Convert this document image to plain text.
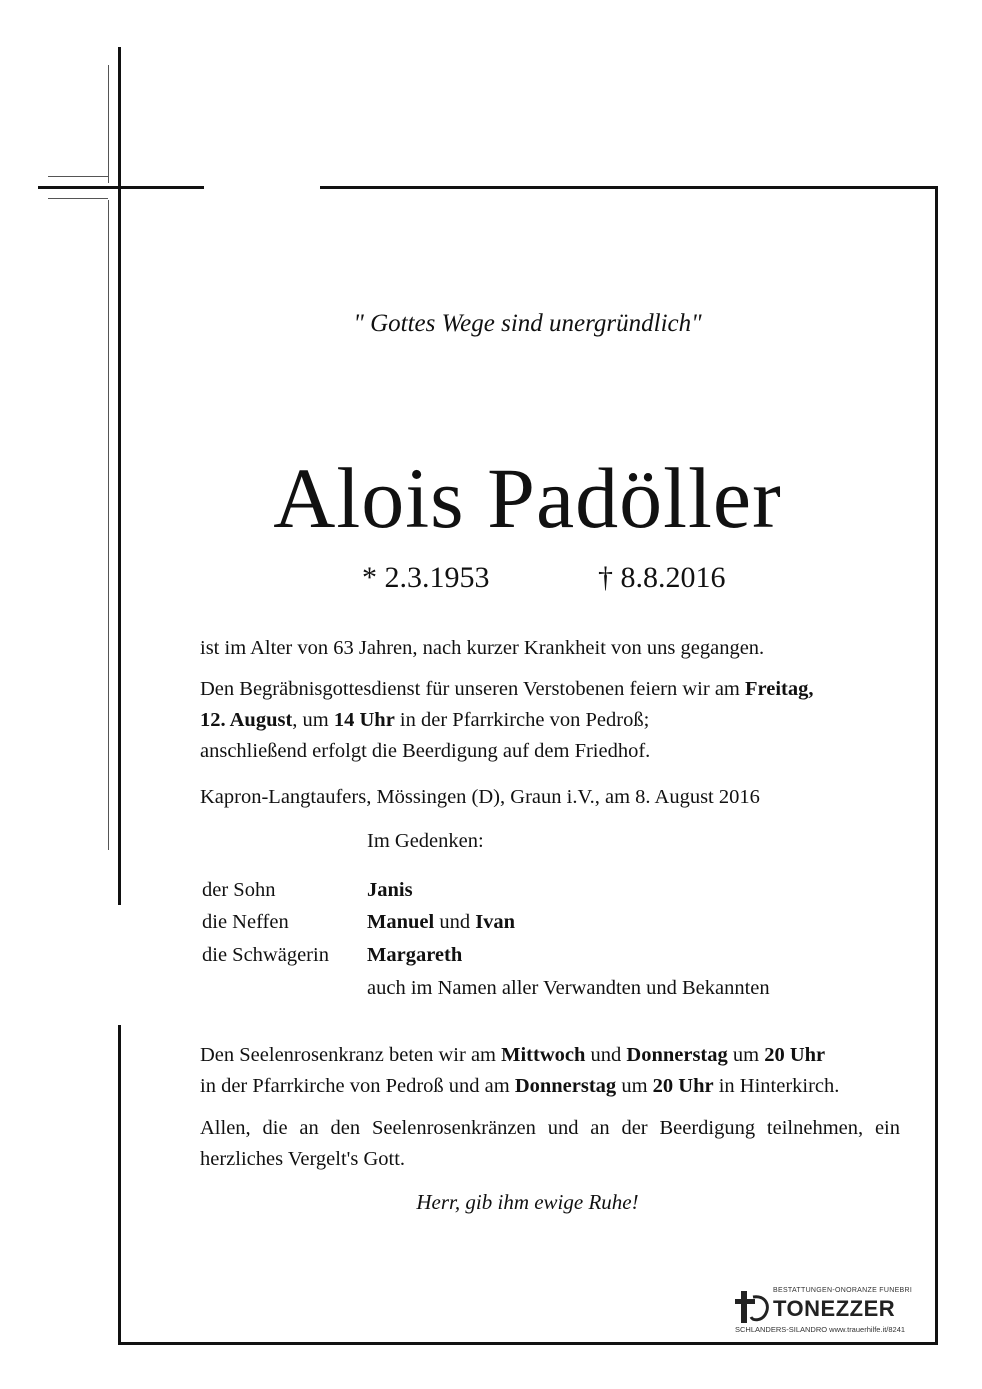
" Gottes Wege sind unergründlich"
Alois Padöller
* 2.3.1953	† 8.8.2016
ist im Alter von 63 Jahren, nach kurzer Krankheit von uns gegangen.
Den Begräbnisgottesdienst für unseren Verstobenen feiern wir am Freitag,
12. August, um 14 Uhr in der Pfarrkirche von Pedroß;
anschließend erfolgt die Beerdigung auf dem Friedhof.
Kapron-Langtaufers, Mössingen (D), Graun i.V., am 8. August 2016
Im Gedenken:
der Sohn	Janis
die Neffen	Manuel und Ivan
die Schwägerin Margareth
auch im Namen aller Verwandten und Bekannten
Den Seelenrosenkranz beten wir am Mittwoch und Donnerstag um 20 Uhr
in der Pfarrkirche von Pedroß und am Donnerstag um 20 Uhr in Hinterkirch.
Allen, die an den Seelenrosenkränzen und an der Beerdigung teilnehmen, ein herzliches Vergelt's Gott.
Herr, gib ihm ewige Ruhe!
BESTATTUNGEN-ONORANZE FUNEBRI
TONEZZER
SCHLANDERS-SILANDRO www.trauerhilfe.it/8241
